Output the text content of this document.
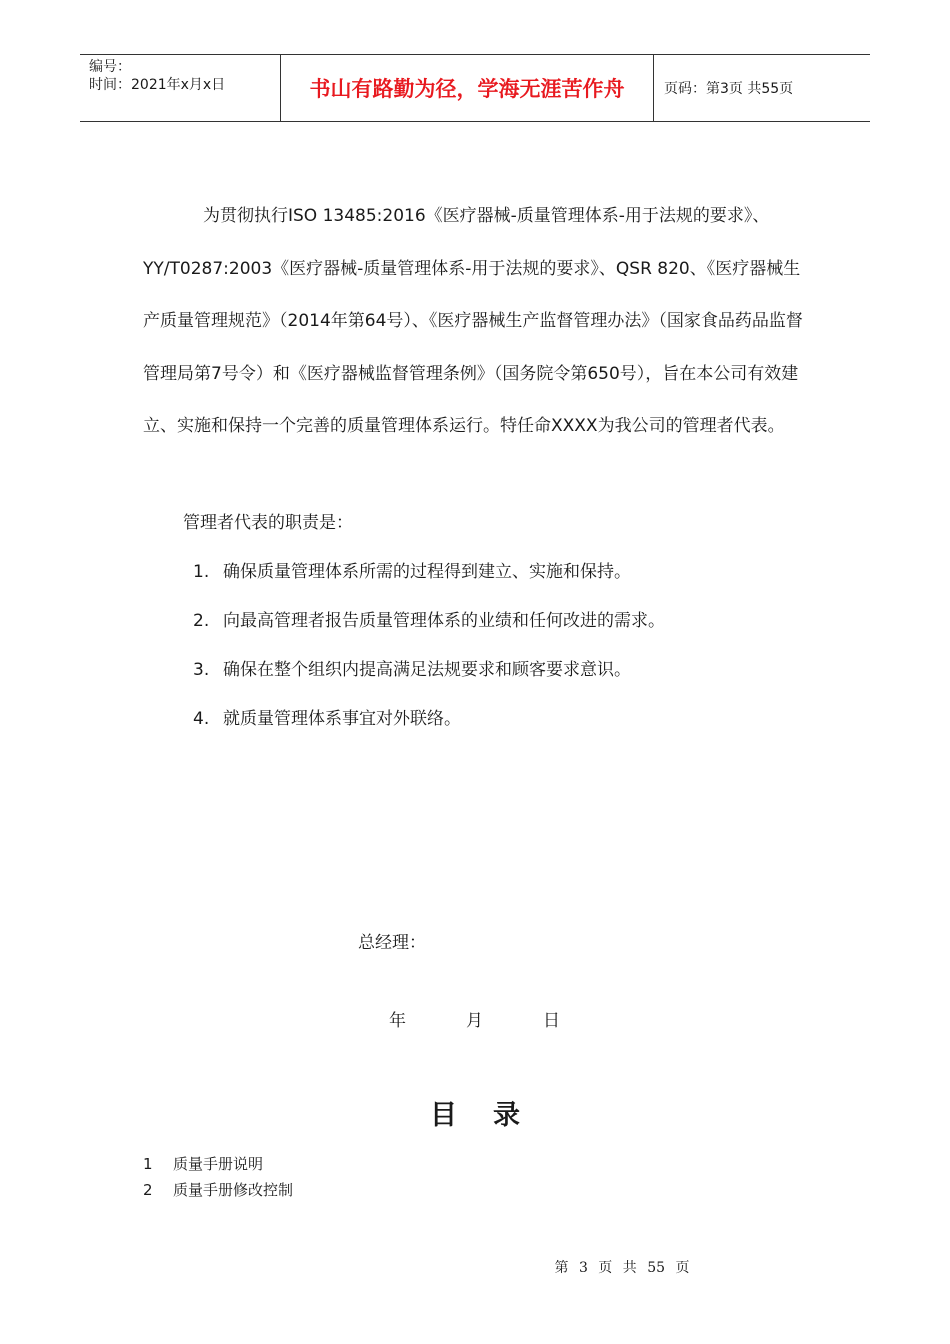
编号：
时间：2021年x月x日	书山有路勤为径，学海无涯苦作舟	页码：第3页 共55页
为贯彻执行ISO 13485:2016《医疗器械-质量管理体系-用于法规的要求》、YY/T0287:2003《医疗器械-质量管理体系-用于法规的要求》、QSR 820、《医疗器械生产质量管理规范》（2014年第64号）、《医疗器械生产监督管理办法》（国家食品药品监督管理局第7号令）和《医疗器械监督管理条例》（国务院令第650号），旨在本公司有效建立、实施和保持一个完善的质量管理体系运行。特任命XXXX为我公司的管理者代表。
管理者代表的职责是：
1. 确保质量管理体系所需的过程得到建立、实施和保持。
2. 向最高管理者报告质量管理体系的业绩和任何改进的需求。
3. 确保在整个组织内提高满足法规要求和顾客要求意识。
4. 就质量管理体系事宜对外联络。
总经理：
年	月	日
目录
1 质量手册说明
2 质量手册修改控制
第 3 页 共 55 页
